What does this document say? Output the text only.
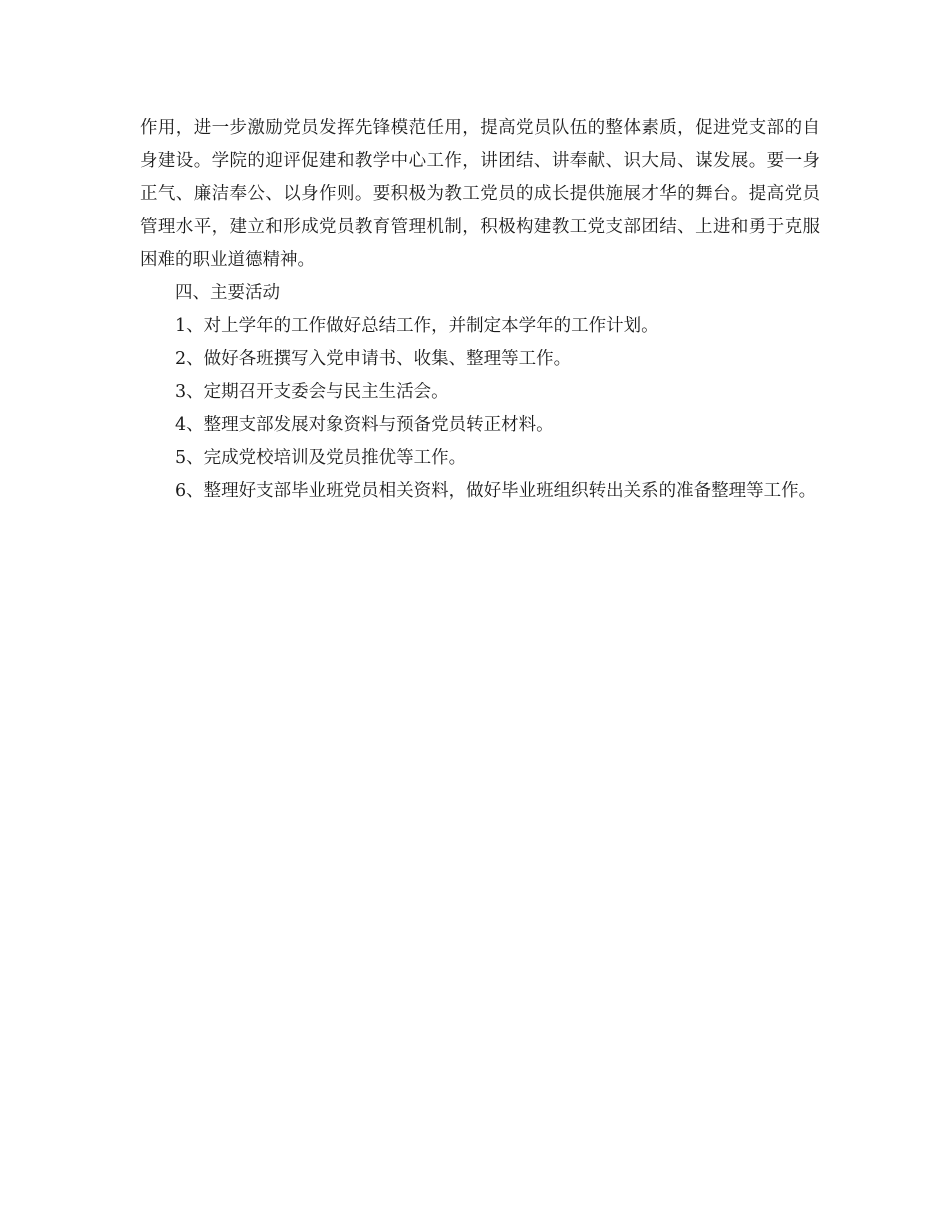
作用，进一步激励党员发挥先锋模范任用，提高党员队伍的整体素质，促进党支部的自身建设。学院的迎评促建和教学中心工作，讲团结、讲奉献、识大局、谋发展。要一身正气、廉洁奉公、以身作则。要积极为教工党员的成长提供施展才华的舞台。提高党员管理水平，建立和形成党员教育管理机制，积极构建教工党支部团结、上进和勇于克服困难的职业道德精神。

四、主要活动

1、对上学年的工作做好总结工作，并制定本学年的工作计划。

2、做好各班撰写入党申请书、收集、整理等工作。

3、定期召开支委会与民主生活会。

4、整理支部发展对象资料与预备党员转正材料。

5、完成党校培训及党员推优等工作。

6、整理好支部毕业班党员相关资料，做好毕业班组织转出关系的准备整理等工作。
